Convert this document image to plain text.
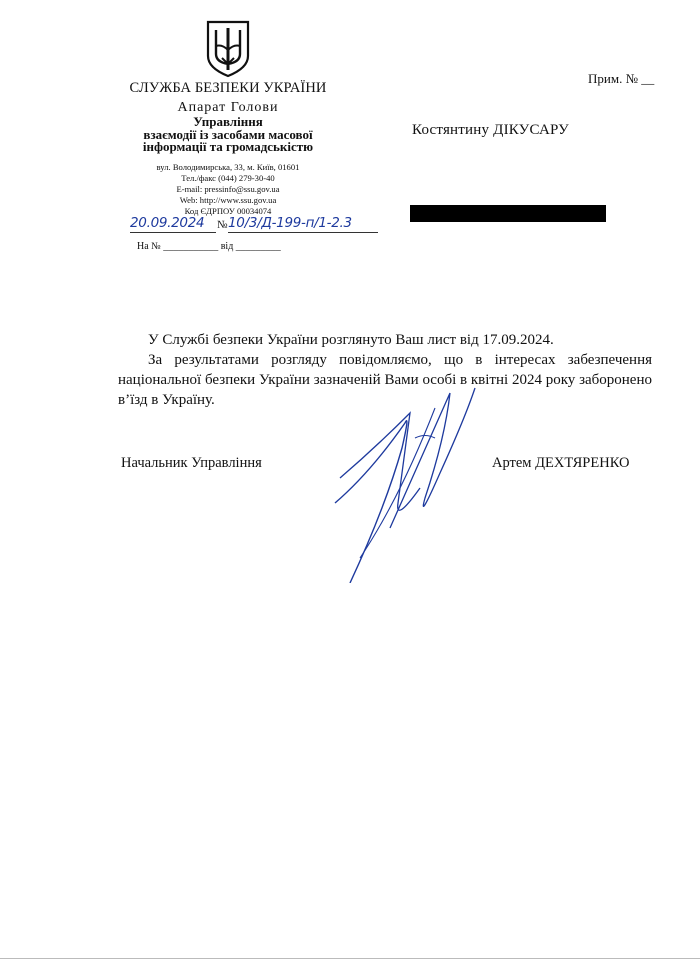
СЛУЖБА БЕЗПЕКИ УКРАЇНИ
Апарат Голови
Управління
взаємодії із засобами масової
інформації та громадськістю
вул. Володимирська, 33, м. Київ, 01601
Тел./факс (044) 279-30-40
E-mail: pressinfo@ssu.gov.ua
Web: http://www.ssu.gov.ua
Код ЄДРПОУ 00034074
20.09.2024 № 10/3/Д-199-п/1-2.3
На № ___________ від _________
Прим. № __
Костянтину ДІКУСАРУ

У Службі безпеки України розглянуто Ваш лист від 17.09.2024.

За результатами розгляду повідомляємо, що в інтересах забезпечення національної безпеки України зазначеній Вами особі в квітні 2024 року заборонено в’їзд в Україну.

Начальник Управління	Артем ДЕХТЯРЕНКО
